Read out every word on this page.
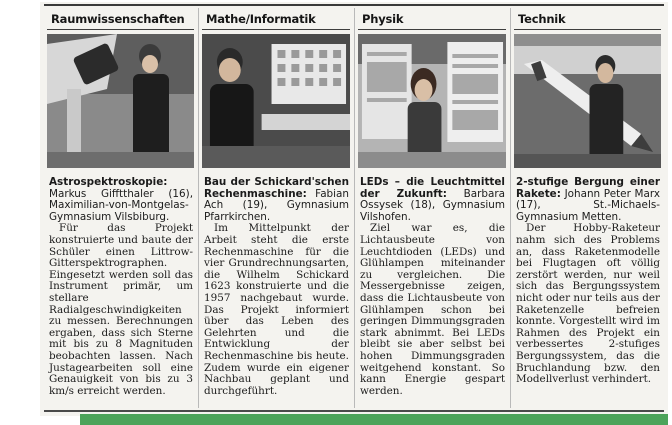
Raumwissenschaften
Astrospektroskopie: Markus Gifftthaler (16), Maximilian-von-Montgelas-Gymnasium Vilsbiburg.

Für das Projekt konstruierte und baute der Schüler einen Littrow-Gitterspektrographen. Eingesetzt werden soll das Instrument primär, um stellare Radialgeschwindigkeiten zu messen. Berechnungen ergaben, dass sich Sterne mit bis zu 8 Magnituden beobachten lassen. Nach Justagearbeiten soll eine Genauigkeit von bis zu 3 km/s erreicht werden.

Mathe/Informatik
Bau der Schickard'schen Rechenmaschine: Fabian Ach (19), Gymnasium Pfarrkirchen.

Im Mittelpunkt der Arbeit steht die erste Rechenmaschine für die vier Grundrechnungsarten, die Wilhelm Schickard 1623 konstruierte und die 1957 nachgebaut wurde. Das Projekt informiert über das Leben des Gelehrten und die Entwicklung der Rechenmaschine bis heute. Zudem wurde ein eigener Nachbau geplant und durchgeführt.

Physik
LEDs – die Leuchtmittel der Zukunft: Barbara Ossysek (18), Gymnasium Vilshofen.

Ziel war es, die Lichtausbeute von Leuchtdioden (LEDs) und Glühlampen miteinander zu vergleichen. Die Messergebnisse zeigen, dass die Lichtausbeute von Glühlampen schon bei geringen Dimmungsgraden stark abnimmt. Bei LEDs bleibt sie aber selbst bei hohen Dimmungsgraden weitgehend konstant. So kann Energie gespart werden.

Technik
2-stufige Bergung einer Rakete: Johann Peter Marx (17), St.-Michaels-Gymnasium Metten.

Der Hobby-Raketeur nahm sich des Problems an, dass Raketenmodelle bei Flugtagen oft völlig zerstört werden, nur weil sich das Bergungssystem nicht oder nur teils aus der Raketenzelle befreien konnte. Vorgestellt wird im Rahmen des Projekt ein verbessertes 2-stufiges Bergungssystem, das die Bruchlandung bzw. den Modellverlust verhindert.
